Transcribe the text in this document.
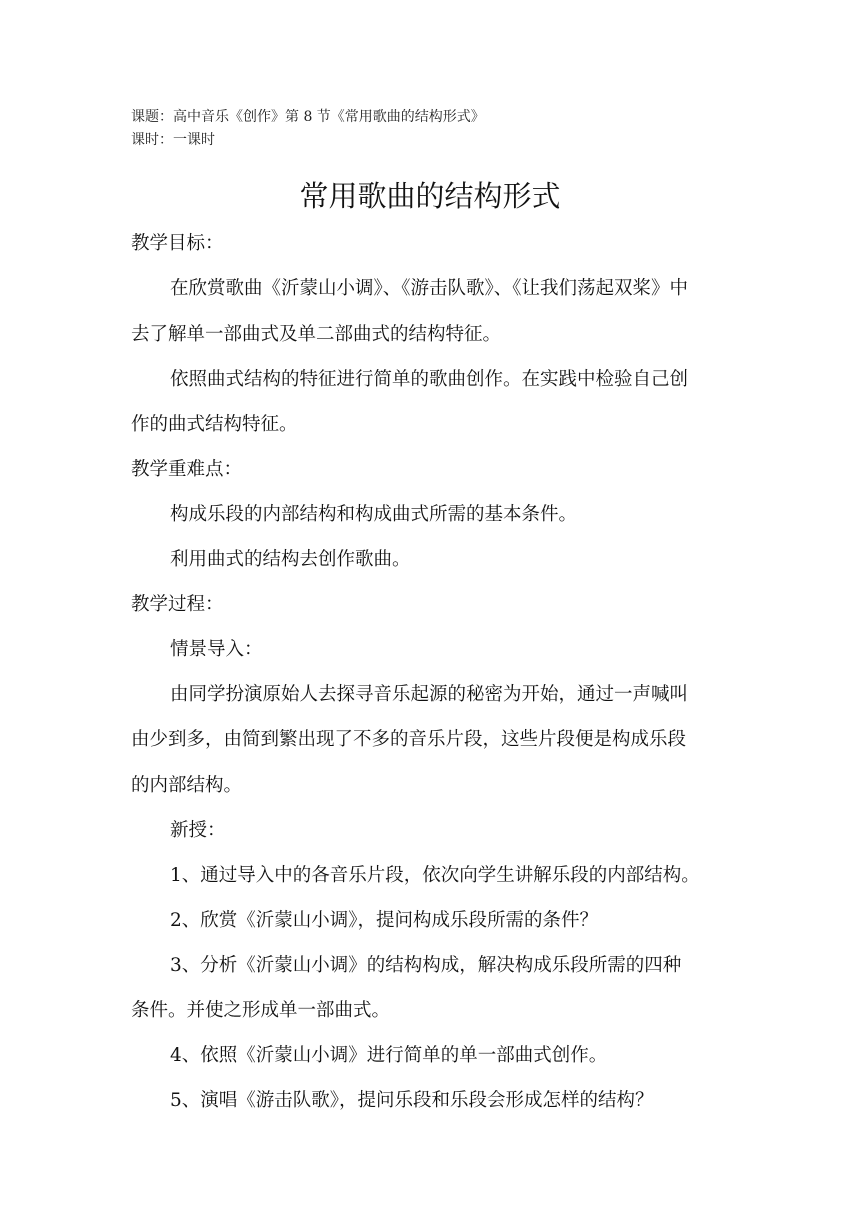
课题：高中音乐《创作》第 8 节《常用歌曲的结构形式》

课时：一课时

常用歌曲的结构形式

教学目标：

在欣赏歌曲《沂蒙山小调》、《游击队歌》、《让我们荡起双桨》中

去了解单一部曲式及单二部曲式的结构特征。

依照曲式结构的特征进行简单的歌曲创作。在实践中检验自己创

作的曲式结构特征。

教学重难点：

构成乐段的内部结构和构成曲式所需的基本条件。

利用曲式的结构去创作歌曲。

教学过程：

情景导入：

由同学扮演原始人去探寻音乐起源的秘密为开始，通过一声喊叫

由少到多，由简到繁出现了不多的音乐片段，这些片段便是构成乐段

的内部结构。

新授：

1、通过导入中的各音乐片段，依次向学生讲解乐段的内部结构。

2、欣赏《沂蒙山小调》，提问构成乐段所需的条件？

3、分析《沂蒙山小调》的结构构成，解决构成乐段所需的四种

条件。并使之形成单一部曲式。

4、依照《沂蒙山小调》进行简单的单一部曲式创作。

5、演唱《游击队歌》，提问乐段和乐段会形成怎样的结构？
